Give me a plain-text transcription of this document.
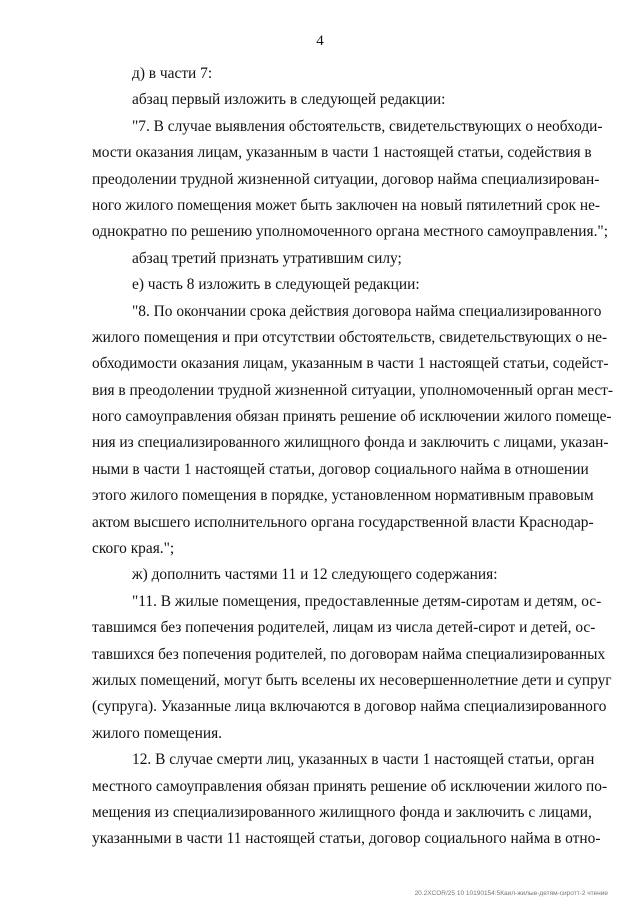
4
д) в части 7:
абзац первый изложить в следующей редакции:
"7. В случае выявления обстоятельств, свидетельствующих о необходи-
мости оказания лицам, указанным в части 1 настоящей статьи, содействия в
преодолении трудной жизненной ситуации, договор найма специализирован-
ного жилого помещения может быть заключен на новый пятилетний срок не-
однократно по решению уполномоченного органа местного самоуправления.";
абзац третий признать утратившим силу;
е) часть 8 изложить в следующей редакции:
"8. По окончании срока действия договора найма специализированного
жилого помещения и при отсутствии обстоятельств, свидетельствующих о не-
обходимости оказания лицам, указанным в части 1 настоящей статьи, содейст-
вия в преодолении трудной жизненной ситуации, уполномоченный орган мест-
ного самоуправления обязан принять решение об исключении жилого помеще-
ния из специализированного жилищного фонда и заключить с лицами, указан-
ными в части 1 настоящей статьи, договор социального найма в отношении
этого жилого помещения в порядке, установленном нормативным правовым
актом высшего исполнительного органа государственной власти Краснодар-
ского края.";
ж) дополнить частями 11 и 12 следующего содержания:
"11. В жилые помещения, предоставленные детям-сиротам и детям, ос-
тавшимся без попечения родителей, лицам из числа детей-сирот и детей, ос-
тавшихся без попечения родителей, по договорам найма специализированных
жилых помещений, могут быть вселены их несовершеннолетние дети и супруг
(супруга). Указанные лица включаются в договор найма специализированного
жилого помещения.
12. В случае смерти лиц, указанных в части 1 настоящей статьи, орган
местного самоуправления обязан принять решение об исключении жилого по-
мещения из специализированного жилищного фонда и заключить с лицами,
указанными в части 11 настоящей статьи, договор социального найма в отно-
20.2XCOR/25 10 10190154:5Каил-жилые-детям-сиротт-2 чтение
